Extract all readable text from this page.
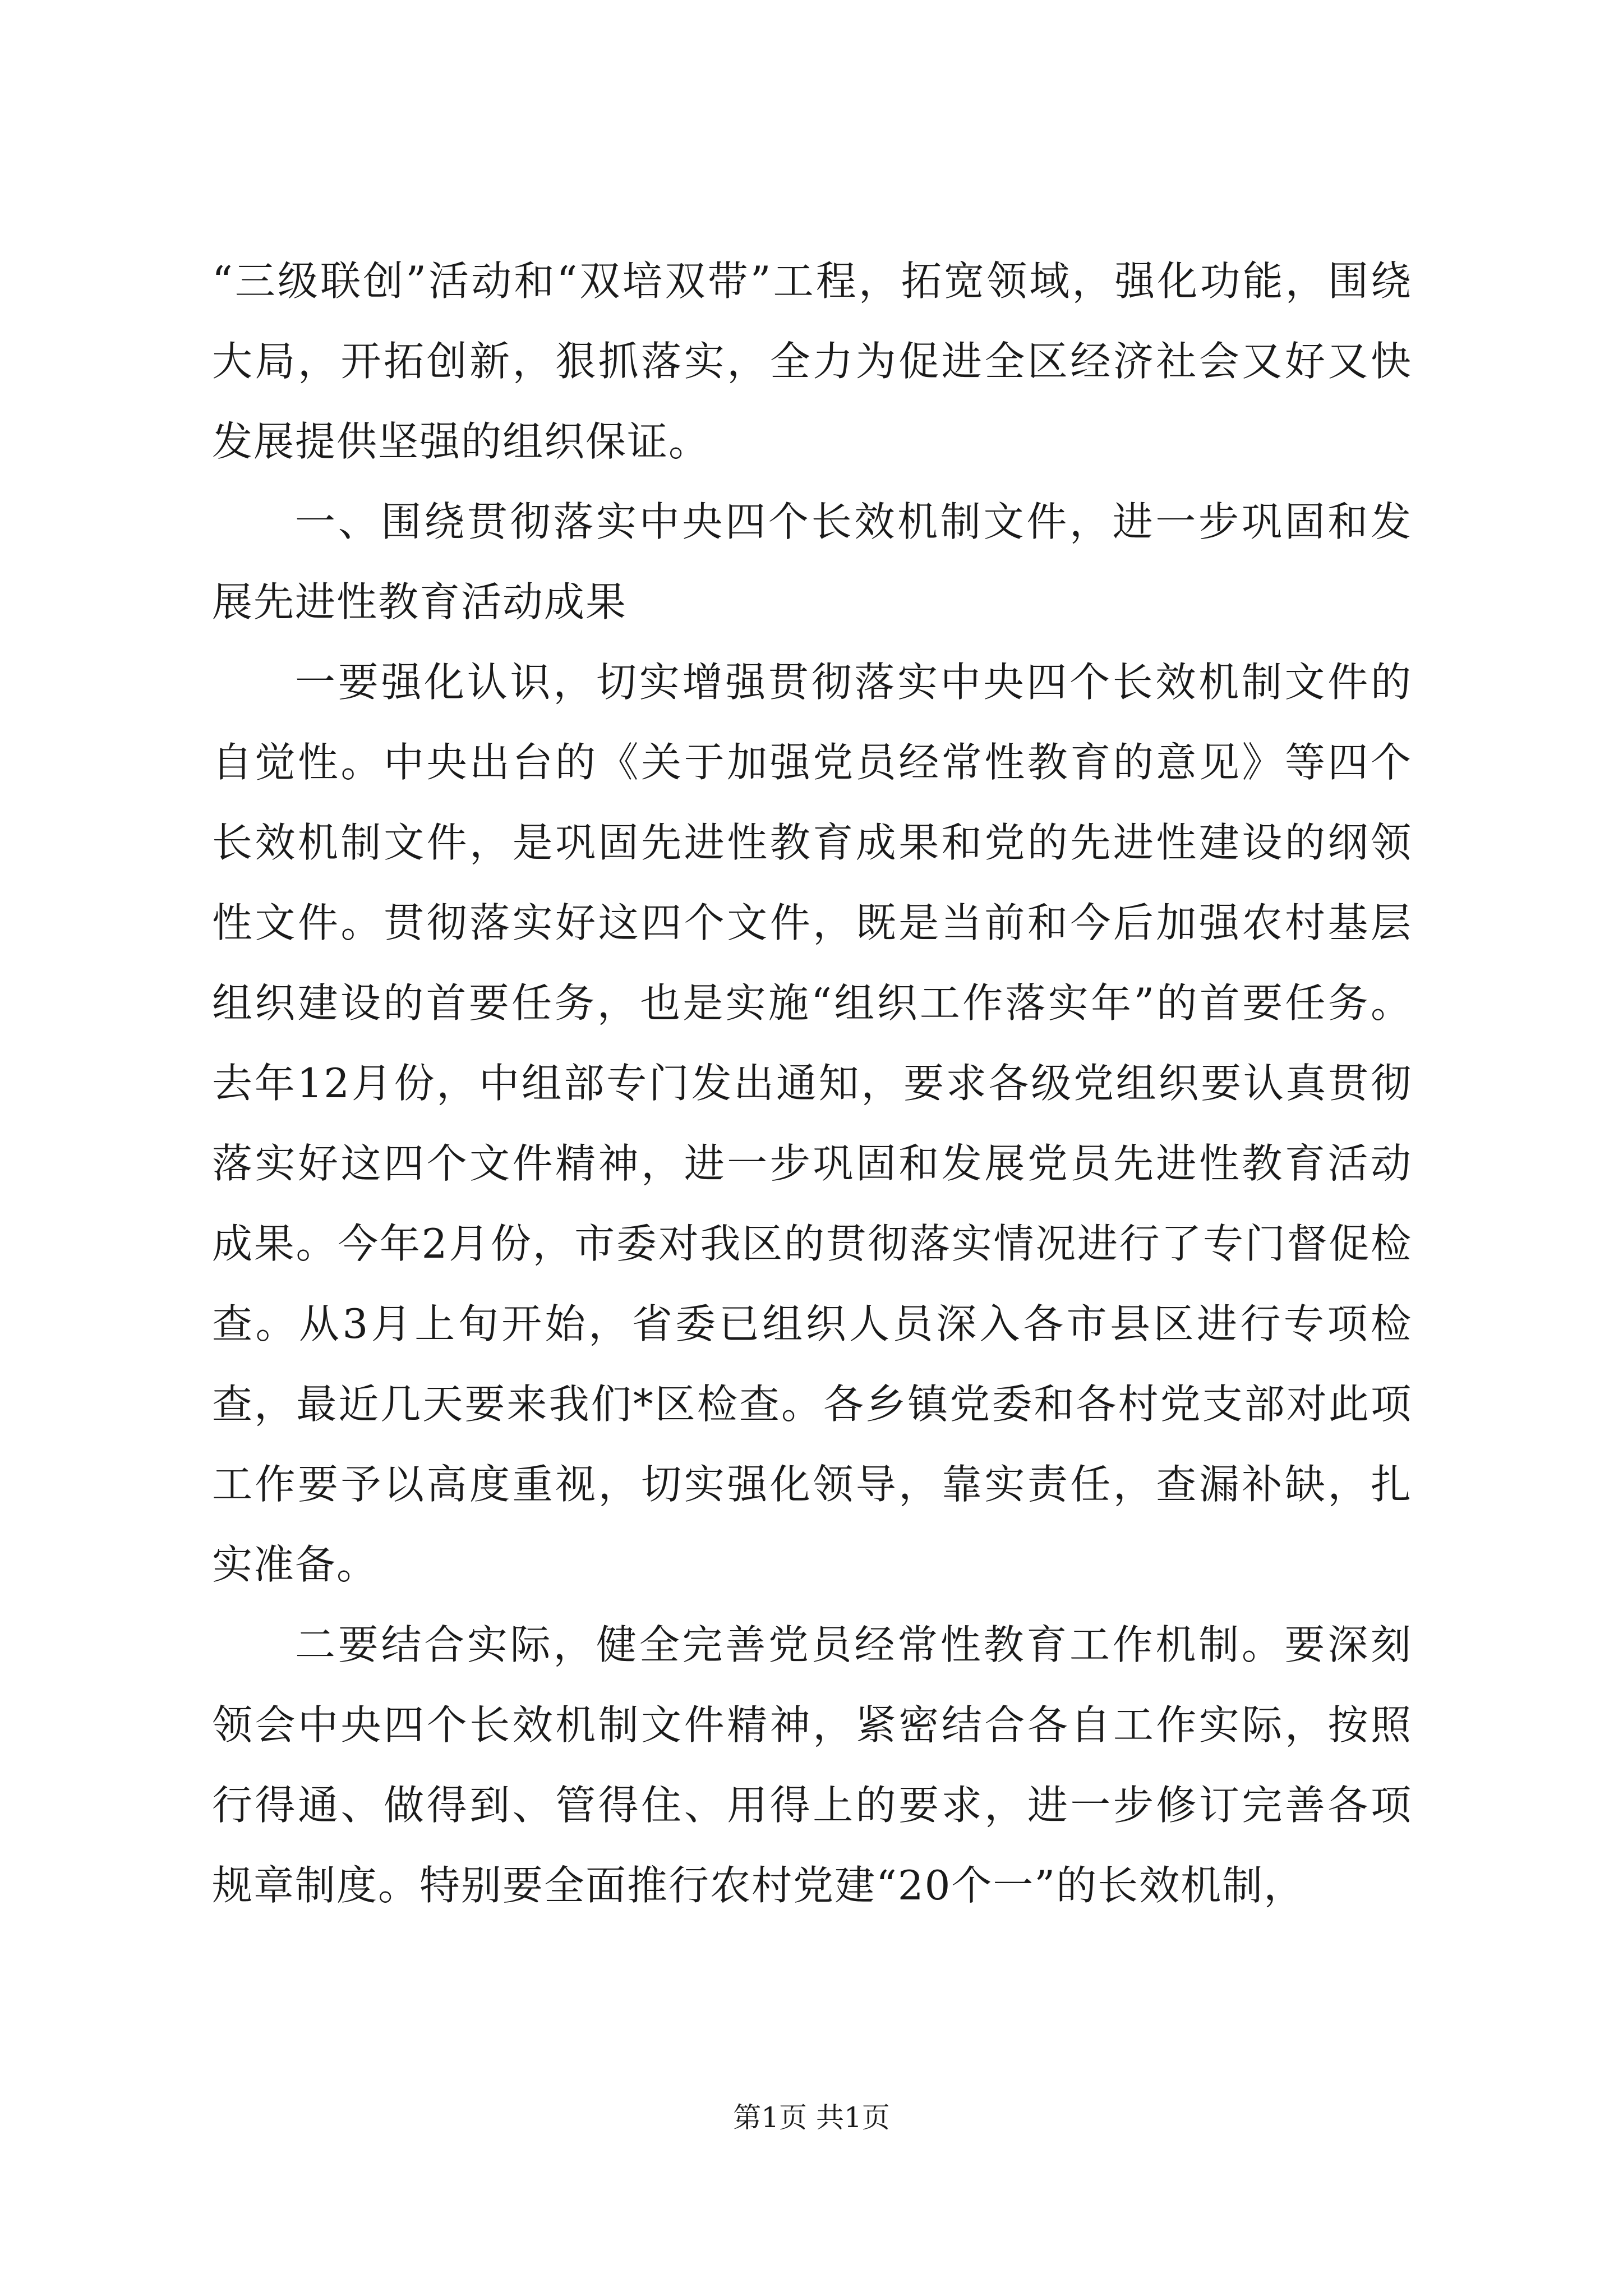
“三级联创”活动和“双培双带”工程，拓宽领域，强化功能，围绕大局，开拓创新，狠抓落实，全力为促进全区经济社会又好又快发展提供坚强的组织保证。

一、围绕贯彻落实中央四个长效机制文件，进一步巩固和发展先进性教育活动成果

一要强化认识，切实增强贯彻落实中央四个长效机制文件的自觉性。中央出台的《关于加强党员经常性教育的意见》等四个长效机制文件，是巩固先进性教育成果和党的先进性建设的纲领性文件。贯彻落实好这四个文件，既是当前和今后加强农村基层组织建设的首要任务，也是实施“组织工作落实年”的首要任务。去年12月份，中组部专门发出通知，要求各级党组织要认真贯彻落实好这四个文件精神，进一步巩固和发展党员先进性教育活动成果。今年2月份，市委对我区的贯彻落实情况进行了专门督促检查。从3月上旬开始，省委已组织人员深入各市县区进行专项检查，最近几天要来我们*区检查。各乡镇党委和各村党支部对此项工作要予以高度重视，切实强化领导，靠实责任，查漏补缺，扎实准备。

二要结合实际，健全完善党员经常性教育工作机制。要深刻领会中央四个长效机制文件精神，紧密结合各自工作实际，按照行得通、做得到、管得住、用得上的要求，进一步修订完善各项规章制度。特别要全面推行农村党建“20个一”的长效机制，

第1页 共1页
